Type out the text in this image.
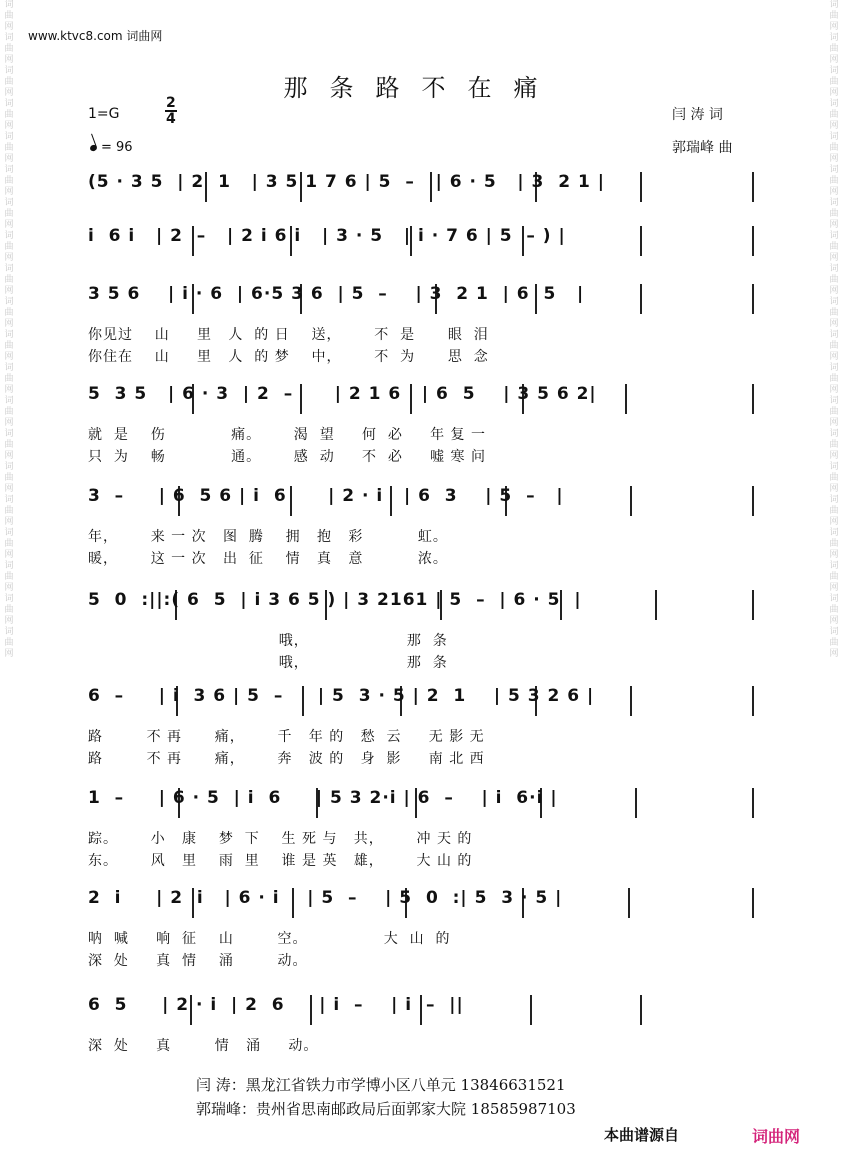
词
曲
网
词
曲
网
词
曲
网
词
曲
网
词
曲
网
词
曲
网
词
曲
网
词
曲
网
词
曲
网
词
曲
网
词
曲
网
词
曲
网
词
曲
网
词
曲
网
词
曲
网
词
曲
网
词
曲
网
词
曲
网
词
曲
网
词
曲
网
词
曲
网
词
曲
网
词
曲
网
词
曲
网
词
曲
网
词
曲
网
词
曲
网
词
曲
网
词
曲
网
词
曲
网
词
曲
网
词
曲
网
词
曲
网
词
曲
网
词
曲
网
词
曲
网
词
曲
网
词
曲
网
词
曲
网
词
曲
网
www.ktvc8.com 词曲网
那条路不在痛
1=G
2
4
= 96
闫 涛 词
郭瑞峰 曲
(5 · 3 5  | 2  1   | 3 5 1 7 6 | 5  –   | 6 · 5   | 3  2 1 |
i  6 i   | 2  –   | 2 i 6 i   | 3 · 5   | i · 7 6 | 5  – ) |
3 5 6    | i · 6  | 6·5 3 6  | 5  –    | 3  2 1  | 6  5   |
你见过    山     里   人  的 日    送，      不  是      眼  泪
你住在    山     里   人  的 梦    中，      不  为      思  念
5  3 5   | 6 · 3  | 2  –      | 2 1 6   | 6  5    | 3 5 6 2|
就  是    伤            痛。      渴  望     何  必     年 复 一
只  为    畅            通。      感  动     不  必     嘘 寒 问
3  –     | 6  5 6 | i  6      | 2 · i   | 6  3    | 5  –   |
年，      来 一 次   图  腾    拥   抱   彩          虹。
暖，      这 一 次   出  征    情   真   意          浓。
5  0  :||:( 6  5  | i 3 6 5 ) | 3 2161 | 5  –  | 6 · 5  |
哦，                  那  条
哦，                  那  条
6  –     | i  3 6 | 5  –     | 5  3 · 5 | 2  1    | 5 3 2 6 |
路        不 再      痛，      千   年 的   愁  云     无 影 无
路        不 再      痛，      奔   波 的   身  影     南 北 西
1  –     | 6 · 5  | i  6     | 5 3 2·i | 6  –    | i  6·i |
踪。      小   康    梦  下    生 死 与   共，      冲 天 的
东。      风   里    雨  里    谁 是 英   雄，      大 山 的
2  i     | 2  i   | 6 · i    | 5  –    | 5  0  :| 5  3 · 5 |
呐  喊     响  征    山        空。              大  山  的
深  处     真  情    涌        动。
6  5     | 2 · i  | 2  6     | i  –    | i  –  ||
深  处     真        情   涌     动。
闫 涛：黑龙江省铁力市学博小区八单元 13846631521
郭瑞峰：贵州省思南邮政局后面郭家大院 18585987103
本曲谱源自	词曲网
